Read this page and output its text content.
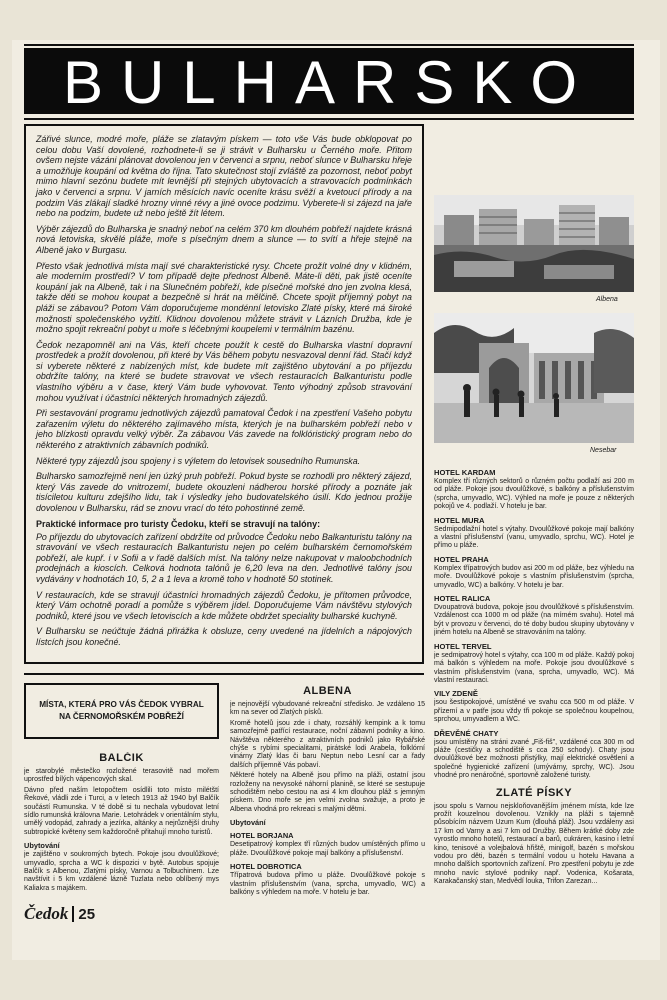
BULHARSKO

Zářivé slunce, modré moře, pláže se zlatavým pískem — toto vše Vás bude obklopovat po celou dobu Vaší dovolené, rozhodnete-li se ji strávit v Bulharsku u Černého moře. Přitom ovšem nejste vázáni plánovat dovolenou jen v červenci a srpnu, neboť slunce v Bulharsku hřeje a umožňuje koupání od května do října. Tato skutečnost stojí zvláště za pozornost, neboť pobyt mimo hlavní sezónu budete mít levnější při stejných ubytovacích a stravovacích podmínkách jako v červenci a srpnu. V jarních měsících navíc oceníte krásu svěží a kvetoucí přírody a na podzim Vás zlákají sladké hrozny vinné révy a jiné ovoce podzimu. Vyberete-li si zájezd na jaře nebo na podzim, budete už nebo ještě žít létem.

Výběr zájezdů do Bulharska je snadný neboť na celém 370 km dlouhém pobřeží najdete krásná nová letoviska, skvělé pláže, moře s písečným dnem a slunce — to svítí a hřeje stejně na Albeně jako v Burgasu.

Přesto však jednotlivá místa mají své charakteristické rysy. Chcete prožít volné dny v klidném, ale moderním prostředí? V tom případě dejte přednost Albeně. Máte-li děti, pak jistě oceníte koupání jak na Albeně, tak i na Slunečném pobřeží, kde písečné mořské dno jen zvolna klesá, takže děti se mohou koupat a bezpečně si hrát na mělčině. Chcete spojit příjemný pobyt na pláži se zábavou? Potom Vám doporučujeme mondénní letovisko Zlaté písky, které má široké možnosti společenského vyžití. Klidnou dovolenou můžete strávit v Lázních Družba, kde je možno spojit rekreační pobyt u moře s léčebnými koupelemi v termálním bazénu.

Čedok nezapomněl ani na Vás, kteří chcete použít k cestě do Bulharska vlastní dopravní prostředek a prožít dovolenou, při které by Vás během pobytu nesvazoval denní řád. Stačí když si vyberete některé z nabízených míst, kde budete mít zajištěno ubytování a po příjezdu obdržíte talóny, na které se budete stravovat ve všech restauracích Balkanturistu podle vlastního výběru a v čase, který Vám bude vyhovovat. Tento výhodný způsob stravování mohou využívat i účastníci některých hromadných zájezdů.

Při sestavování programu jednotlivých zájezdů pamatoval Čedok i na zpestření Vašeho pobytu zařazením výletu do některého zajímavého místa, kterých je na bulharském pobřeží nebo v jeho blízkosti opravdu velký výběr. Za zábavou Vás zavede na folklóristický program nebo do některého z atraktivních zábavních podniků.

Některé typy zájezdů jsou spojeny i s výletem do letovisek sousedního Rumunska.

Bulharsko samozřejmě není jen úzký pruh pobřeží. Pokud byste se rozhodli pro některý zájezd, který Vás zavede do vnitrozemí, budete okouzleni nádherou horské přírody a poznáte jak tisíciletou kulturu zdejšího lidu, tak i výsledky jeho budovatelského úsilí. Kdo jednou prožije dovolenou v Bulharsku, rád se znovu vrací do této pohostinné země.

Praktické informace pro turisty Čedoku, kteří se stravují na talóny:

Po příjezdu do ubytovacích zařízení obdržíte od průvodce Čedoku nebo Balkanturistu talóny na stravování ve všech restauracích Balkanturistu nejen po celém bulharském černomořském pobřeží, ale kupř. i v Sofii a v řadě dalších míst. Na talóny nelze nakupovat v maloobchodních prodejnách a kioscích. Celková hodnota talónů je 6,20 leva na den. Jednotlivé talóny jsou vydávány v hodnotách 10, 5, 2 a 1 leva a kromě toho v hodnotě 50 stotinek.

V restauracích, kde se stravují účastníci hromadných zájezdů Čedoku, je přítomen průvodce, který Vám ochotně poradí a pomůže s výběrem jídel. Doporučujeme Vám návštěvu stylových podniků, které jsou ve všech letoviscích a kde můžete obdržet speciality bulharské kuchyně.

V Bulharsku se neúčtuje žádná přirážka k obsluze, ceny uvedené na jídelních a nápojových lístcích jsou konečné.

Albena
Nesebar
HOTEL KARDAM

Komplex tří různých sektorů o různém počtu podlaží asi 200 m od pláže. Pokoje jsou dvoulůžkové, s balkóny a příslušenstvím (sprcha, umyvadlo, WC). Výhled na moře je pouze z některých pokojů ve 4. podlaží. V hotelu je bar.

HOTEL MURA

Sedmipodlažní hotel s výtahy. Dvoulůžkové pokoje mají balkóny a vlastní příslušenství (vanu, umyvadlo, sprchu, WC). Hotel je přímo u pláže.

HOTEL PRAHA

Komplex třípatrových budov asi 200 m od pláže, bez výhledu na moře. Dvoulůžkové pokoje s vlastním příslušenstvím (sprcha, umyvadlo, WC) a balkóny. V hotelu je bar.

HOTEL RALICA

Dvoupatrová budova, pokoje jsou dvoulůžkové s příslušenstvím. Vzdálenost cca 1000 m od pláže (na mírném svahu). Hotel má být v provozu v červenci, do té doby budou skupiny ubytovány v jiném hotelu na Albeně se stravováním na talóny.

HOTEL TERVEL

je sedmipatrový hotel s výtahy, cca 100 m od pláže. Každý pokoj má balkón s výhledem na moře. Pokoje jsou dvoulůžkové s vlastním příslušenstvím (vana, sprcha, umyvadlo, WC). Má vlastní restauraci.

VILY ZDENĚ

jsou šestipokojové, umístěné ve svahu cca 500 m od pláže. V přízemí a v patře jsou vždy tři pokoje se společnou koupelnou, sprchou, umyvadlem a WC.

DŘEVĚNÉ CHATY

jsou umístěny na stráni zvané „Fiš-fiš", vzdálené cca 300 m od pláže (cestičky a schodiště s cca 250 schody). Chaty jsou dvoulůžkové bez možnosti přistýlky, mají elektrické osvětlení a společné hygienické zařízení (umývárny, sprchy, WC). Jsou vhodné pro nenáročné, sportovně založené turisty.

ZLATÉ PÍSKY

jsou spolu s Varnou nejskloňovanějším jménem místa, kde lze prožít kouzelnou dovolenou. Vznikly na pláži s tajemně působícím názvem Uzum Kum (dlouhá pláž). Jsou vzdáleny asi 17 km od Varny a asi 7 km od Družby. Během krátké doby zde vyrostlo mnoho hotelů, restaurací a barů, cukráren, kasino i letní kino, tenisové a volejbalová hřiště, minigolf, bazén s mořskou vodou pro děti, bazén s termální vodou u hotelu Havana a mnoho dalších sportovních zařízení. Pro zpestření pobytu je zde mnoho navíc stylové podniky např. Vodenica, Košarata, Karakačanský stan, Medvědí louka, Trifon Zarezan...

MÍSTA, KTERÁ PRO VÁS ČEDOK VYBRAL NA ČERNOMOŘSKÉM POBŘEŽÍ
BALČIK

je starobylé městečko rozložené terasovitě nad mořem uprostřed bílých vápencových skal.

Dávno před naším letopočtem osídlili toto místo milétští Řekové, vládli zde i Turci, a v letech 1913 až 1940 byl Balčík součástí Rumunska. V té době si tu nechala vybudovat letní sídlo rumunská královna Marie. Letohrádek v orientálním stylu, umělý vodopád, zahrady a jezírka, altánky a nejrůznější druhy subtropické květeny sem každoročně přitahují mnoho turistů.

Ubytování

je zajištěno v soukromých bytech. Pokoje jsou dvoulůžkové; umyvadlo, sprcha a WC k dispozici v bytě. Autobus spojuje Balčík s Albenou, Zlatými písky, Varnou a Tolbuchinem. Lze navštívit i 5 km vzdálené lázně Tuzlata nebo oblíbený mys Kaliakra s majákem.

ALBENA

je nejnovější vybudované rekreační středisko. Je vzdáleno 15 km na sever od Zlatých písků.

Kromě hotelů jsou zde i chaty, rozsáhlý kempink a k tomu samozřejmě patřící restaurace, noční zábavní podniky a kino. Návštěva některého z atraktivních podniků jako Rybářské chýše s rybími specialitami, pirátské lodi Arabela, folklórní vinárny Zlatý klas či baru Neptun nebo Lesní car a řady dalších příjemně Vás pobaví.

Některé hotely na Albeně jsou přímo na pláži, ostatní jsou rozloženy na nevysoké náhorní planině, se které se sestupuje schodištěm nebo cestou na asi 4 km dlouhou pláž s jemným pískem. Dno moře se jen velmi zvolna svažuje, a proto je Albena vhodná pro rekreaci s malými dětmi.

Ubytování
HOTEL BORJANA

Desetipatrový komplex tří různých budov umístěných přímo u pláže. Dvoulůžkové pokoje mají balkóny a příslušenství.

HOTEL DOBROTICA

Třípatrová budova přímo u pláže. Dvoulůžkové pokoje s vlastním příslušenstvím (vana, sprcha, umyvadlo, WC) a balkóny s výhledem na moře. V hotelu je bar.

Čedok 25
